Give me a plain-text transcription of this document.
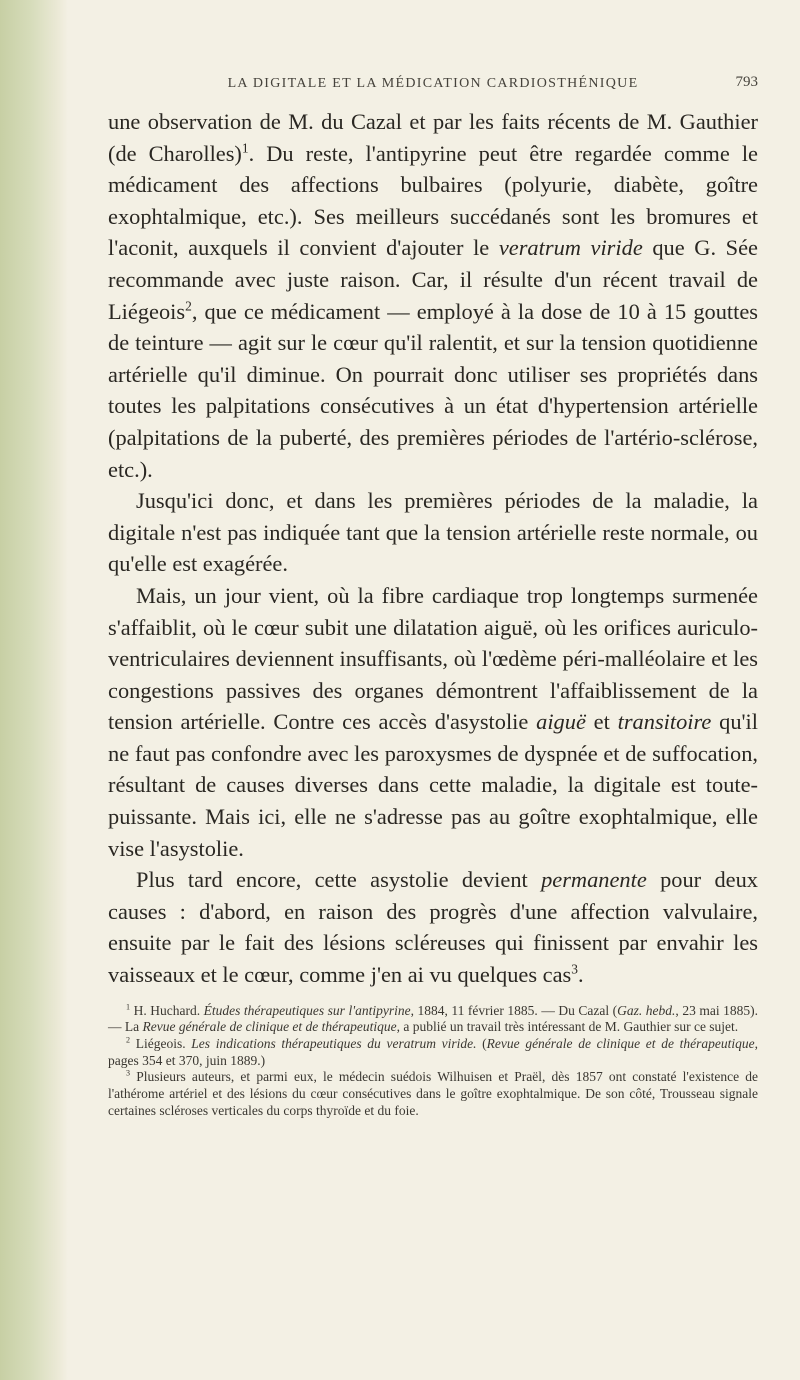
LA DIGITALE ET LA MÉDICATION CARDIOSTHÉNIQUE	793

une observation de M. du Cazal et par les faits récents de M. Gauthier (de Charolles)$^1$. Du reste, l'antipyrine peut être regardée comme le médicament des affections bulbaires (polyurie, diabète, goître exophtalmique, etc.). Ses meilleurs succédanés sont les bromures et l'aconit, auxquels il convient d'ajouter le veratrum viride que G. Sée recommande avec juste raison. Car, il résulte d'un récent travail de Liégeois$^2$, que ce médicament — employé à la dose de 10 à 15 gouttes de teinture — agit sur le cœur qu'il ralentit, et sur la tension quotidienne artérielle qu'il diminue. On pourrait donc utiliser ses propriétés dans toutes les palpitations consécutives à un état d'hypertension artérielle (palpitations de la puberté, des premières périodes de l'artério-sclérose, etc.).

Jusqu'ici donc, et dans les premières périodes de la maladie, la digitale n'est pas indiquée tant que la tension artérielle reste normale, ou qu'elle est exagérée.

Mais, un jour vient, où la fibre cardiaque trop longtemps surmenée s'affaiblit, où le cœur subit une dilatation aiguë, où les orifices auriculo-ventriculaires deviennent insuffisants, où l'œdème péri-malléolaire et les congestions passives des organes démontrent l'affaiblissement de la tension artérielle. Contre ces accès d'asystolie aiguë et transitoire qu'il ne faut pas confondre avec les paroxysmes de dyspnée et de suffocation, résultant de causes diverses dans cette maladie, la digitale est toute-puissante. Mais ici, elle ne s'adresse pas au goître exophtalmique, elle vise l'asystolie.

Plus tard encore, cette asystolie devient permanente pour deux causes : d'abord, en raison des progrès d'une affection valvulaire, ensuite par le fait des lésions scléreuses qui finissent par envahir les vaisseaux et le cœur, comme j'en ai vu quelques cas$^3$.

$^1$ H. Huchard. Études thérapeutiques sur l'antipyrine, 1884, 11 février 1885. — Du Cazal (Gaz. hebd., 23 mai 1885). — La Revue générale de clinique et de thérapeutique, a publié un travail très intéressant de M. Gauthier sur ce sujet.

$^2$ Liégeois. Les indications thérapeutiques du veratrum viride. (Revue générale de clinique et de thérapeutique, pages 354 et 370, juin 1889.)

$^3$ Plusieurs auteurs, et parmi eux, le médecin suédois Wilhuisen et Praël, dès 1857 ont constaté l'existence de l'athérome artériel et des lésions du cœur consécutives dans le goître exophtalmique. De son côté, Trousseau signale certaines scléroses verticales du corps thyroïde et du foie.
